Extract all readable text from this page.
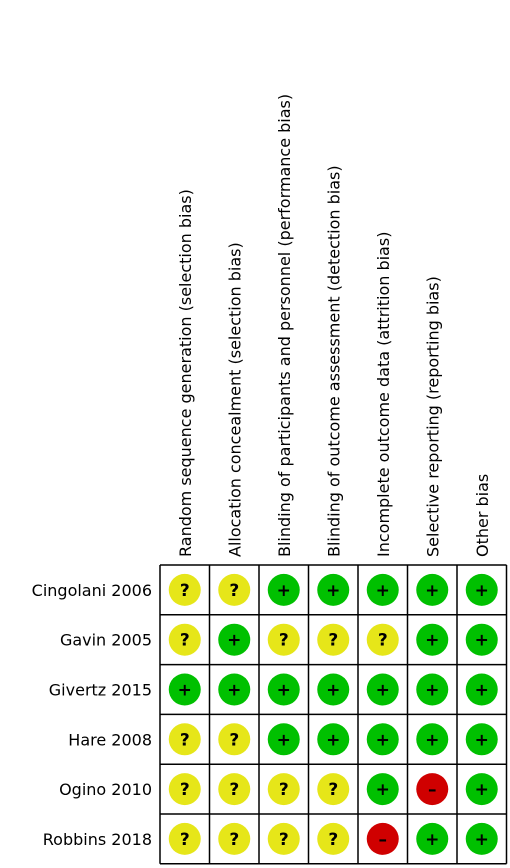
Random sequence generation (selection bias) Allocation concealment (selection bias) Blinding of participants and personnel (performance bias) Blinding of outcome assessment (detection bias) Incomplete outcome data (attrition bias) Selective reporting (reporting bias) Other bias
Cingolani 2006
Gavin 2005
Givertz 2015
Hare 2008
Ogino 2010
Robbins 2018
? ? + + + + +
? + ? ? ? + +
+ + + + + + +
? ? + + + + +
? ? ? ? + – +
? ? ? ? – + +
